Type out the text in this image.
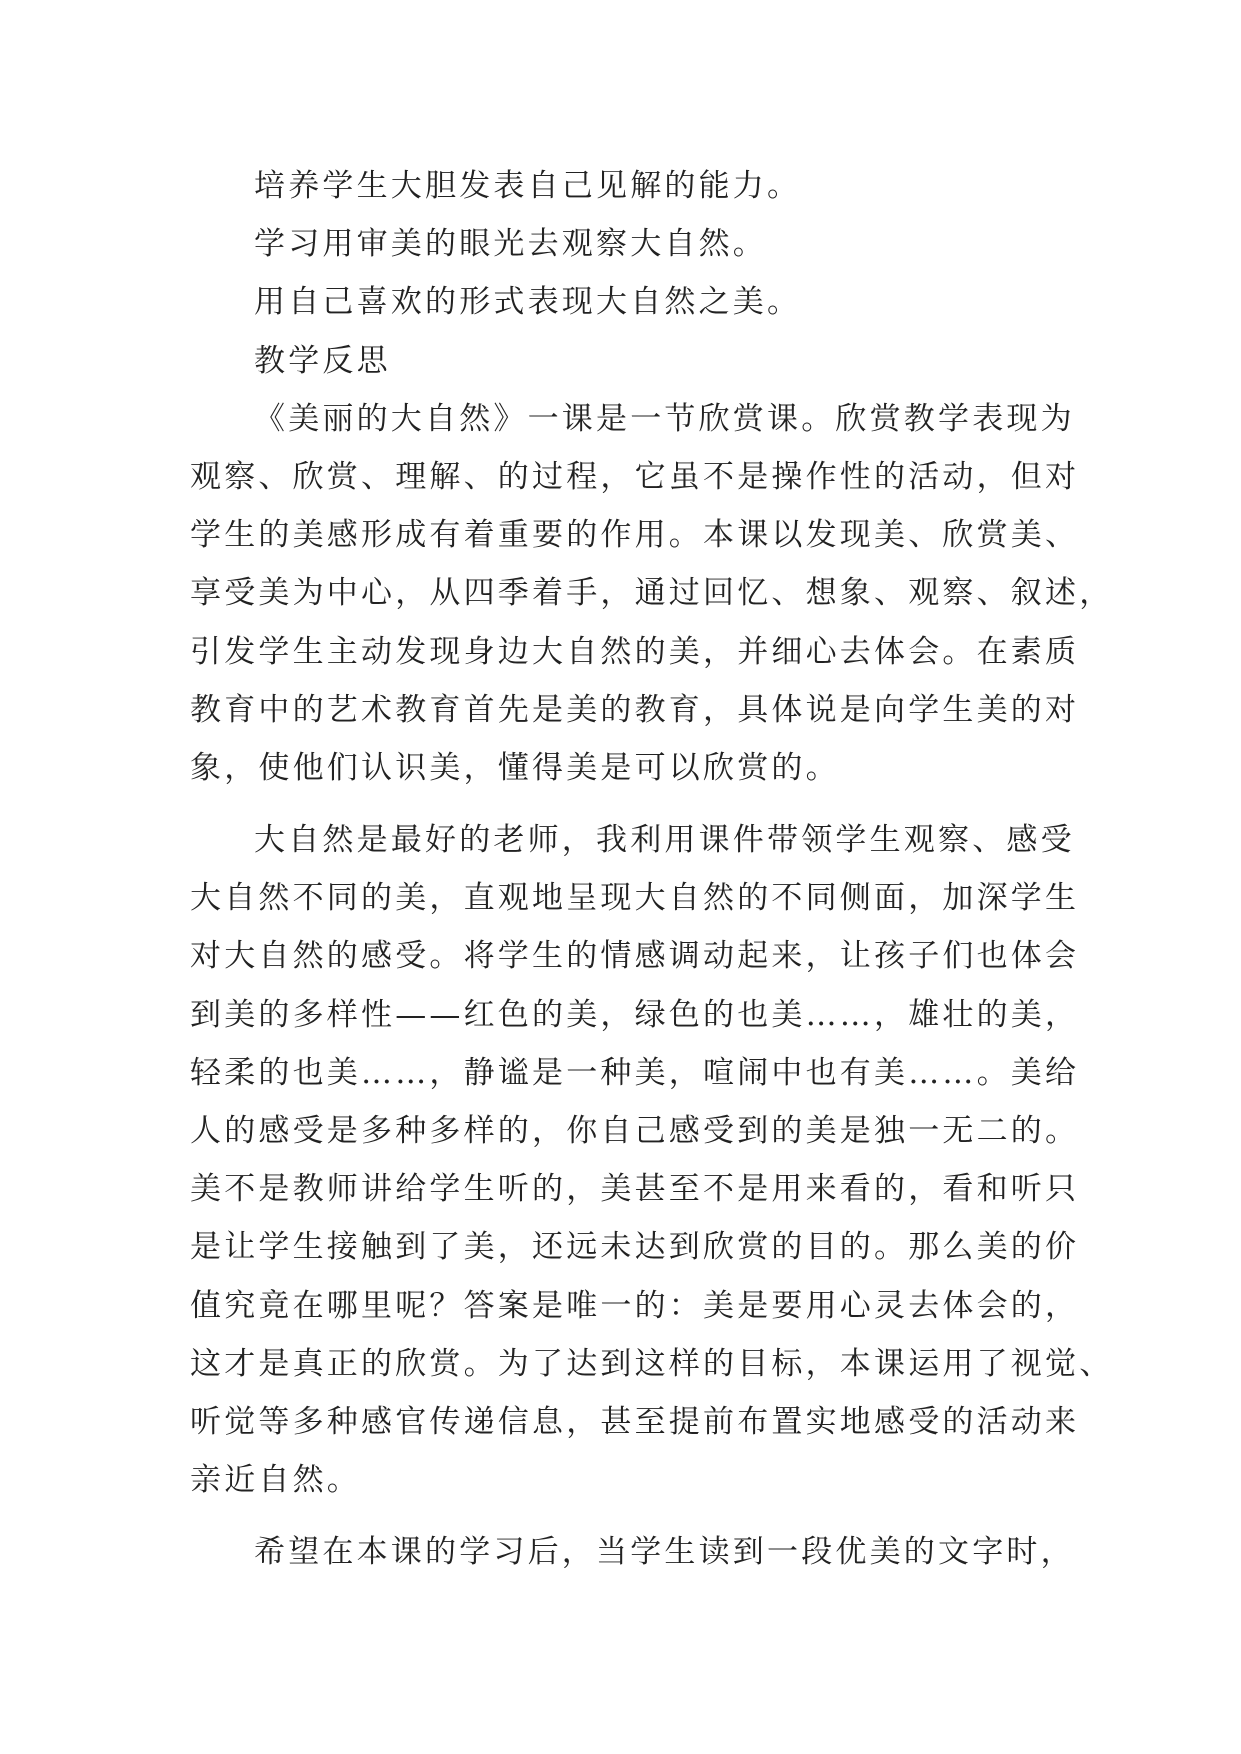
培养学生大胆发表自己见解的能力。
学习用审美的眼光去观察大自然。
用自己喜欢的形式表现大自然之美。
教学反思
《美丽的大自然》一课是一节欣赏课。欣赏教学表现为
观察、欣赏、理解、的过程，它虽不是操作性的活动，但对
学生的美感形成有着重要的作用。本课以发现美、欣赏美、
享受美为中心，从四季着手，通过回忆、想象、观察、叙述，
引发学生主动发现身边大自然的美，并细心去体会。在素质
教育中的艺术教育首先是美的教育，具体说是向学生美的对
象，使他们认识美，懂得美是可以欣赏的。
大自然是最好的老师，我利用课件带领学生观察、感受
大自然不同的美，直观地呈现大自然的不同侧面，加深学生
对大自然的感受。将学生的情感调动起来，让孩子们也体会
到美的多样性——红色的美，绿色的也美……，雄壮的美，
轻柔的也美……，静谧是一种美，喧闹中也有美……。美给
人的感受是多种多样的，你自己感受到的美是独一无二的。
美不是教师讲给学生听的，美甚至不是用来看的，看和听只
是让学生接触到了美，还远未达到欣赏的目的。那么美的价
值究竟在哪里呢？答案是唯一的：美是要用心灵去体会的，
这才是真正的欣赏。为了达到这样的目标，本课运用了视觉、
听觉等多种感官传递信息，甚至提前布置实地感受的活动来
亲近自然。
希望在本课的学习后，当学生读到一段优美的文字时，
